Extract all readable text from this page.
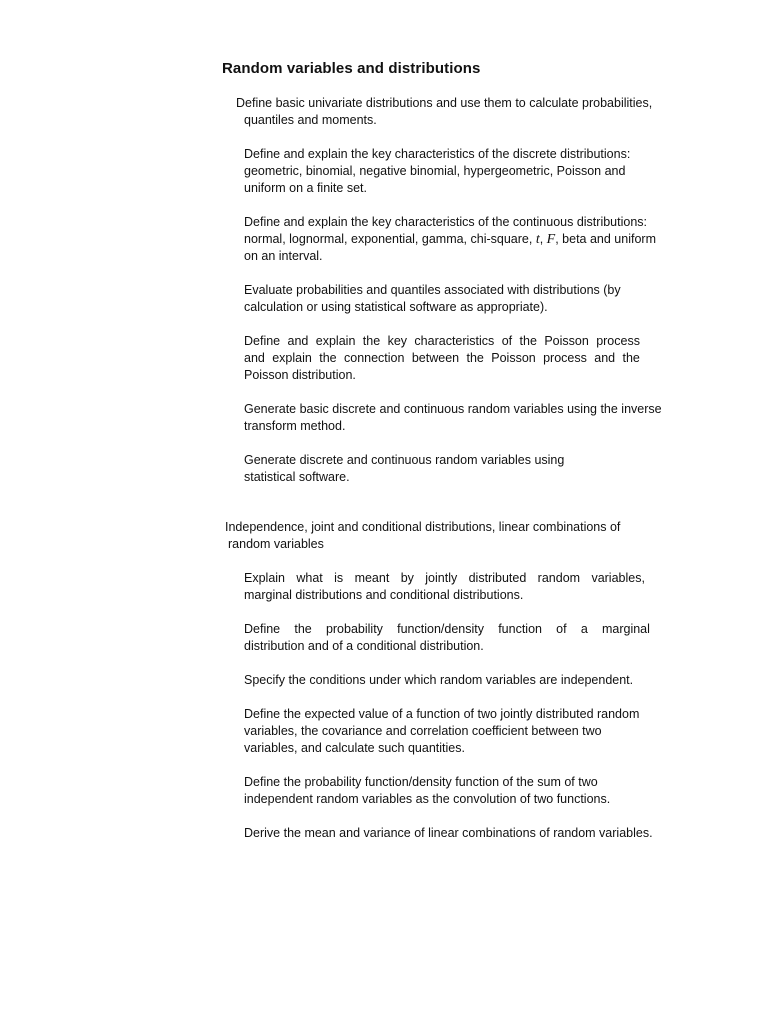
Random variables and distributions
Define basic univariate distributions and use them to calculate probabilities,
quantiles and moments.
Define and explain the key characteristics of the discrete distributions:
geometric, binomial, negative binomial, hypergeometric, Poisson and
uniform on a finite set.
Define and explain the key characteristics of the continuous distributions:
normal, lognormal, exponential, gamma, chi-square, t, F, beta and uniform
on an interval.
Evaluate probabilities and quantiles associated with distributions (by
calculation or using statistical software as appropriate).
Define and explain the key characteristics of the Poisson process
and explain the connection between the Poisson process and the
Poisson distribution.
Generate basic discrete and continuous random variables using the inverse
transform method.
Generate discrete and continuous random variables using
statistical software.
Independence, joint and conditional distributions, linear combinations of
random variables
Explain what is meant by jointly distributed random variables,
marginal distributions and conditional distributions.
Define the probability function/density function of a marginal
distribution and of a conditional distribution.
Specify the conditions under which random variables are independent.
Define the expected value of a function of two jointly distributed random
variables, the covariance and correlation coefficient between two
variables, and calculate such quantities.
Define the probability function/density function of the sum of two
independent random variables as the convolution of two functions.
Derive the mean and variance of linear combinations of random variables.
